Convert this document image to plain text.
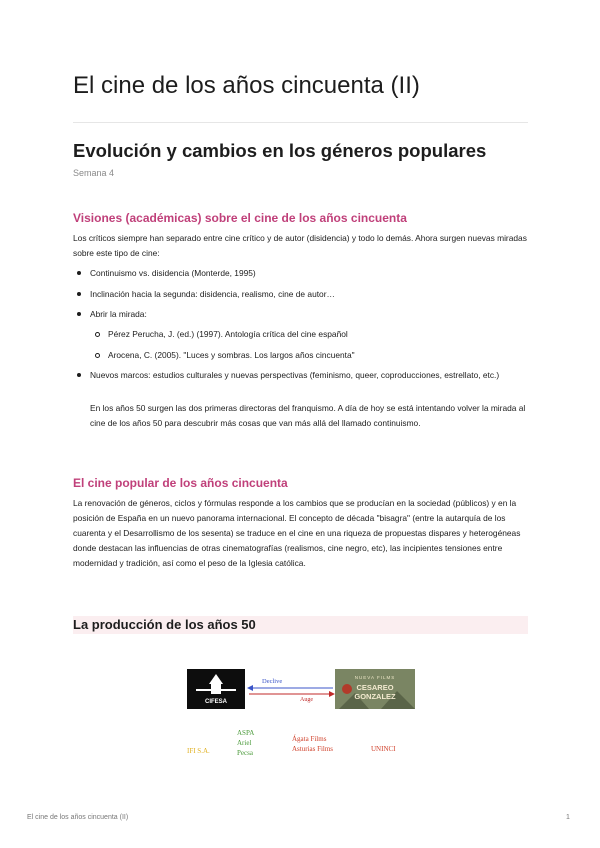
El cine de los años cincuenta (II)
Evolución y cambios en los géneros populares
Semana 4
Visiones (académicas) sobre el cine de los años cincuenta

Los críticos siempre han separado entre cine crítico y de autor (disidencia) y todo lo demás. Ahora surgen nuevas miradas sobre este tipo de cine:

Continuismo vs. disidencia (Monterde, 1995)
Inclinación hacia la segunda: disidencia, realismo, cine de autor…
Abrir la mirada:
Pérez Perucha, J. (ed.) (1997). Antología crítica del cine español
Arocena, C. (2005). "Luces y sombras. Los largos años cincuenta"
Nuevos marcos: estudios culturales y nuevas perspectivas (feminismo, queer, coproducciones, estrellato, etc.)

En los años 50 surgen las dos primeras directoras del franquismo. A día de hoy se está intentando volver la mirada al cine de los años 50 para descubrir más cosas que van más allá del llamado continuismo.

El cine popular de los años cincuenta

La renovación de géneros, ciclos y fórmulas responde a los cambios que se producían en la sociedad (públicos) y en la posición de España en un nuevo panorama internacional. El concepto de década "bisagra" (entre la autarquía de los cuarenta y el Desarrollismo de los sesenta) se traduce en el cine en una riqueza de propuestas dispares y heterogéneas donde destacan las influencias de otras cinematografías (realismos, cine negro, etc), las incipientes tensiones entre modernidad y tradición, así como el peso de la Iglesia católica.

La producción de los años 50
CIFESA
Declive
Auge
NUEVA FILMS
CESAREO GONZALEZ
IFI S.A.
ASPA
Ariel
Pecsa
Ágata Films
Asturias Films	UNINCI
El cine de los años cincuenta (II)	1
